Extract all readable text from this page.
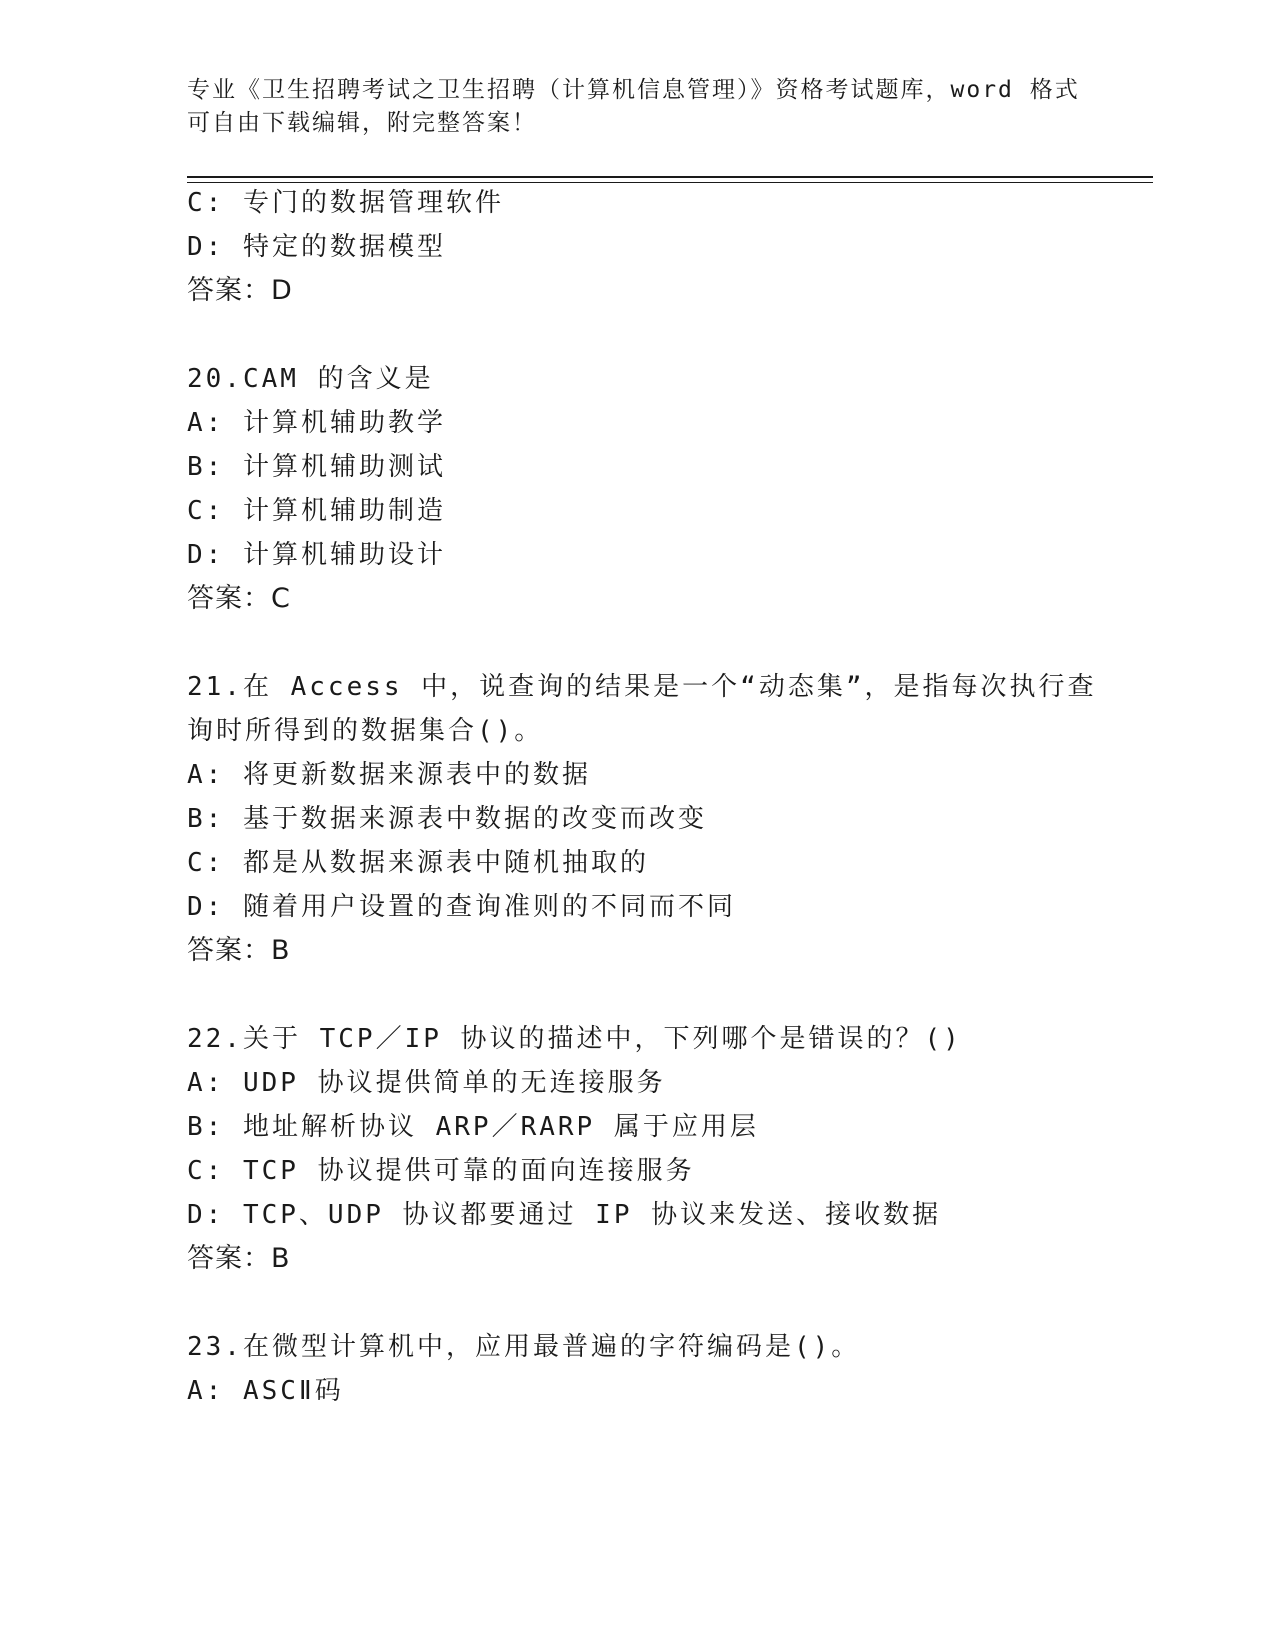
专业《卫生招聘考试之卫生招聘（计算机信息管理）》资格考试题库，word 格式
可自由下载编辑，附完整答案！
C: 专门的数据管理软件
D: 特定的数据模型
答案：D
20.CAM 的含义是
A: 计算机辅助教学
B: 计算机辅助测试
C: 计算机辅助制造
D: 计算机辅助设计
答案：C
21.在 Access 中，说查询的结果是一个“动态集”，是指每次执行查
询时所得到的数据集合()。
A: 将更新数据来源表中的数据
B: 基于数据来源表中数据的改变而改变
C: 都是从数据来源表中随机抽取的
D: 随着用户设置的查询准则的不同而不同
答案：B
22.关于 TCP／IP 协议的描述中，下列哪个是错误的？()
A: UDP 协议提供简单的无连接服务
B: 地址解析协议 ARP／RARP 属于应用层
C: TCP 协议提供可靠的面向连接服务
D: TCP、UDP 协议都要通过 IP 协议来发送、接收数据
答案：B
23.在微型计算机中，应用最普遍的字符编码是()。
A: ASCⅡ码
